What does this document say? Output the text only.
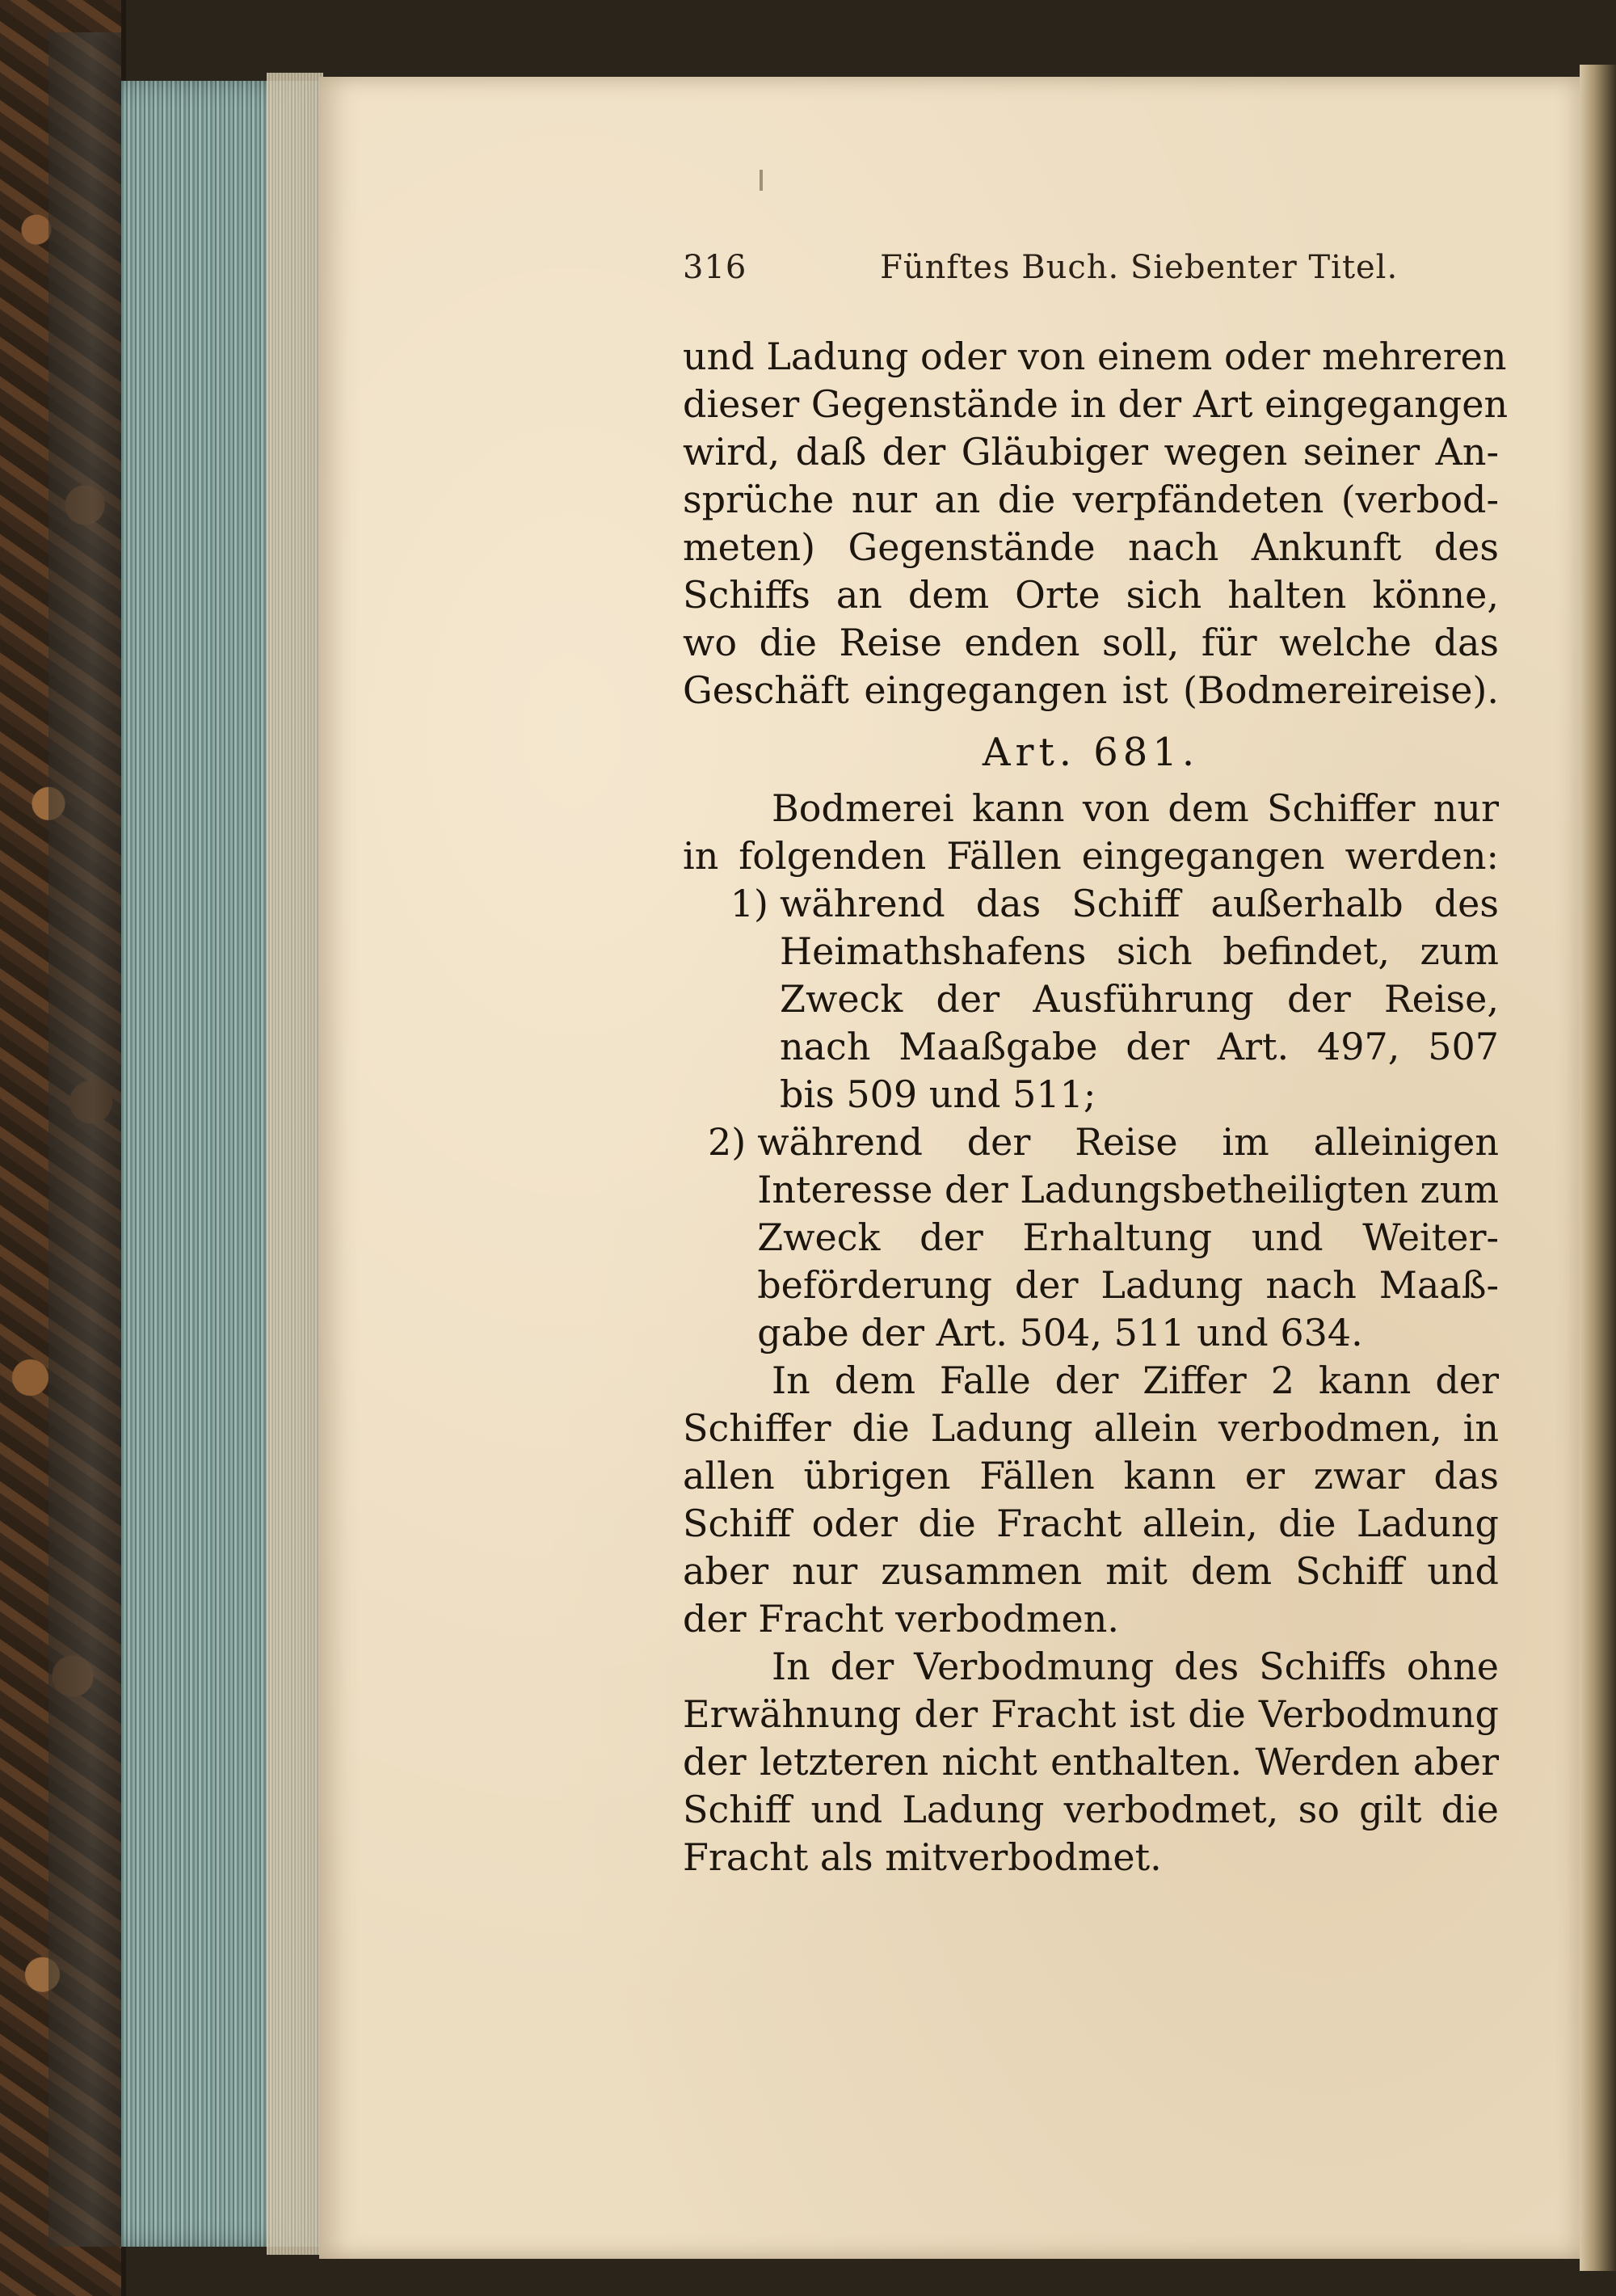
316	Fünftes Buch. Siebenter Titel.
und Ladung oder von einem oder mehreren
dieser Gegenstände in der Art eingegangen
wird, daß der Gläubiger wegen seiner An-
sprüche nur an die verpfändeten (verbod-
meten) Gegenstände nach Ankunft des
Schiffs an dem Orte sich halten könne,
wo die Reise enden soll, für welche das
Geschäft eingegangen ist (Bodmereireise).
Art. 681.
Bodmerei kann von dem Schiffer nur
in folgenden Fällen eingegangen werden:
1) während das Schiff außerhalb des
Heimathshafens sich befindet, zum
Zweck der Ausführung der Reise,
nach Maaßgabe der Art. 497, 507
bis 509 und 511;
2) während der Reise im alleinigen
Interesse der Ladungsbetheiligten zum
Zweck der Erhaltung und Weiter-
beförderung der Ladung nach Maaß-
gabe der Art. 504, 511 und 634.
In dem Falle der Ziffer 2 kann der
Schiffer die Ladung allein verbodmen, in
allen übrigen Fällen kann er zwar das
Schiff oder die Fracht allein, die Ladung
aber nur zusammen mit dem Schiff und
der Fracht verbodmen.
In der Verbodmung des Schiffs ohne
Erwähnung der Fracht ist die Verbodmung
der letzteren nicht enthalten. Werden aber
Schiff und Ladung verbodmet, so gilt die
Fracht als mitverbodmet.
